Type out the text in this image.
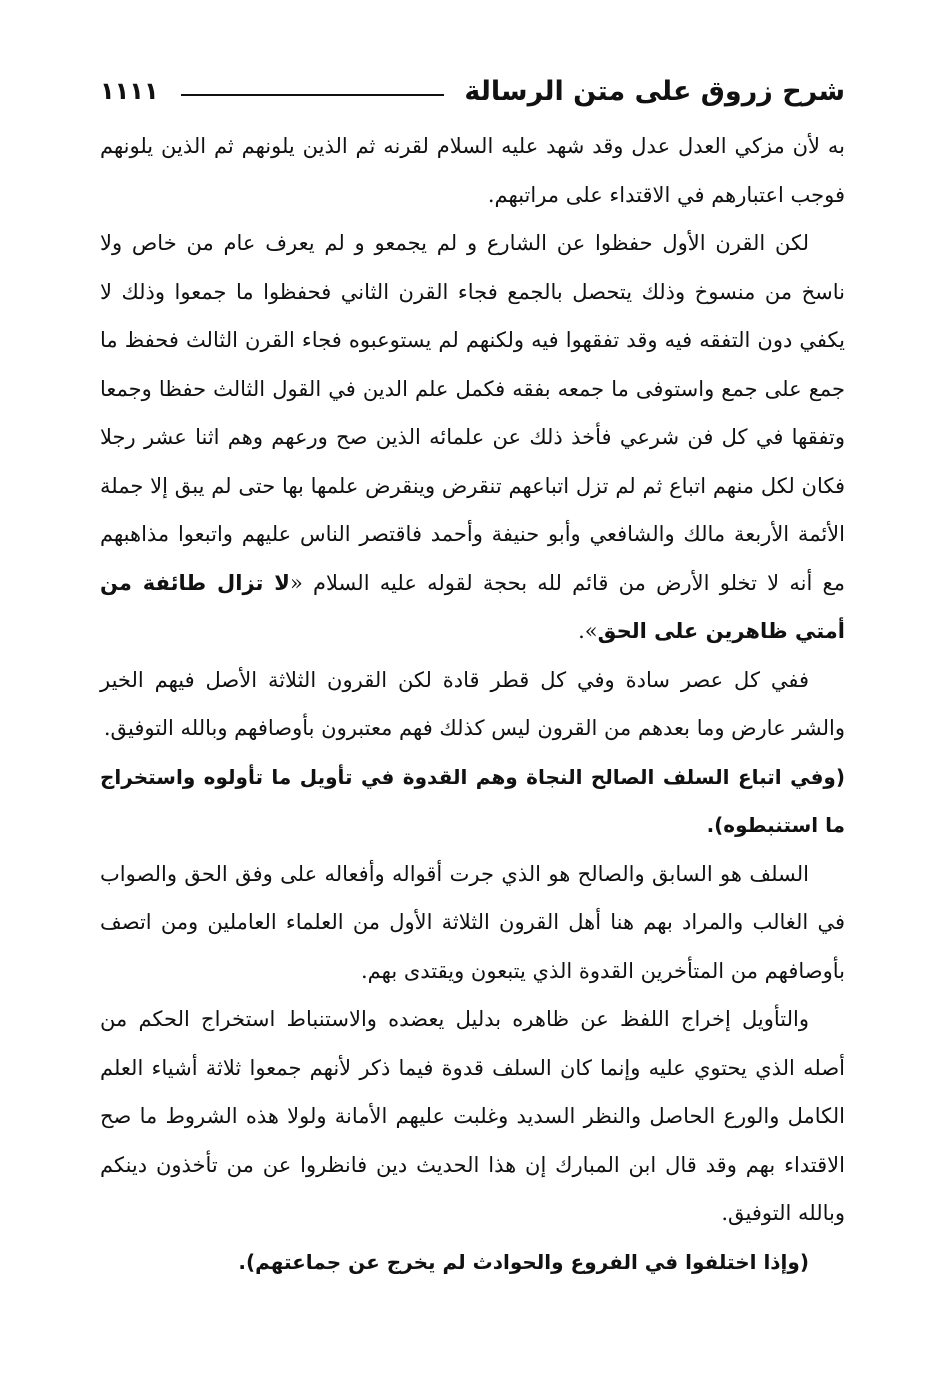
شرح زروق على متن الرسالة
١١١١

به لأن مزكي العدل عدل وقد شهد عليه السلام لقرنه ثم الذين يلونهم ثم الذين يلونهم فوجب اعتبارهم في الاقتداء على مراتبهم.

لكن القرن الأول حفظوا عن الشارع و لم يجمعو و لم يعرف عام من خاص ولا ناسخ من منسوخ وذلك يتحصل بالجمع فجاء القرن الثاني فحفظوا ما جمعوا وذلك لا يكفي دون التفقه فيه وقد تفقهوا فيه ولكنهم لم يستوعبوه فجاء القرن الثالث فحفظ ما جمع على جمع واستوفى ما جمعه بفقه فكمل علم الدين في القول الثالث حفظا وجمعا وتفقها في كل فن شرعي فأخذ ذلك عن علمائه الذين صح ورعهم وهم اثنا عشر رجلا فكان لكل منهم اتباع ثم لم تزل اتباعهم تنقرض وينقرض علمها بها حتى لم يبق إلا جملة الأئمة الأربعة مالك والشافعي وأبو حنيفة وأحمد فاقتصر الناس عليهم واتبعوا مذاهبهم مع أنه لا تخلو الأرض من قائم لله بحجة لقوله عليه السلام «لا تزال طائفة من أمتي ظاهرين على الحق».

ففي كل عصر سادة وفي كل قطر قادة لكن القرون الثلاثة الأصل فيهم الخير والشر عارض وما بعدهم من القرون ليس كذلك فهم معتبرون بأوصافهم وبالله التوفيق.

(وفي اتباع السلف الصالح النجاة وهم القدوة في تأويل ما تأولوه واستخراج ما استنبطوه).

السلف هو السابق والصالح هو الذي جرت أقواله وأفعاله على وفق الحق والصواب في الغالب والمراد بهم هنا أهل القرون الثلاثة الأول من العلماء العاملين ومن اتصف بأوصافهم من المتأخرين القدوة الذي يتبعون ويقتدى بهم.

والتأويل إخراج اللفظ عن ظاهره بدليل يعضده والاستنباط استخراج الحكم من أصله الذي يحتوي عليه وإنما كان السلف قدوة فيما ذكر لأنهم جمعوا ثلاثة أشياء العلم الكامل والورع الحاصل والنظر السديد وغلبت عليهم الأمانة ولولا هذه الشروط ما صح الاقتداء بهم وقد قال ابن المبارك إن هذا الحديث دين فانظروا عن من تأخذون دينكم وبالله التوفيق.

(وإذا اختلفوا في الفروع والحوادث لم يخرج عن جماعتهم).
